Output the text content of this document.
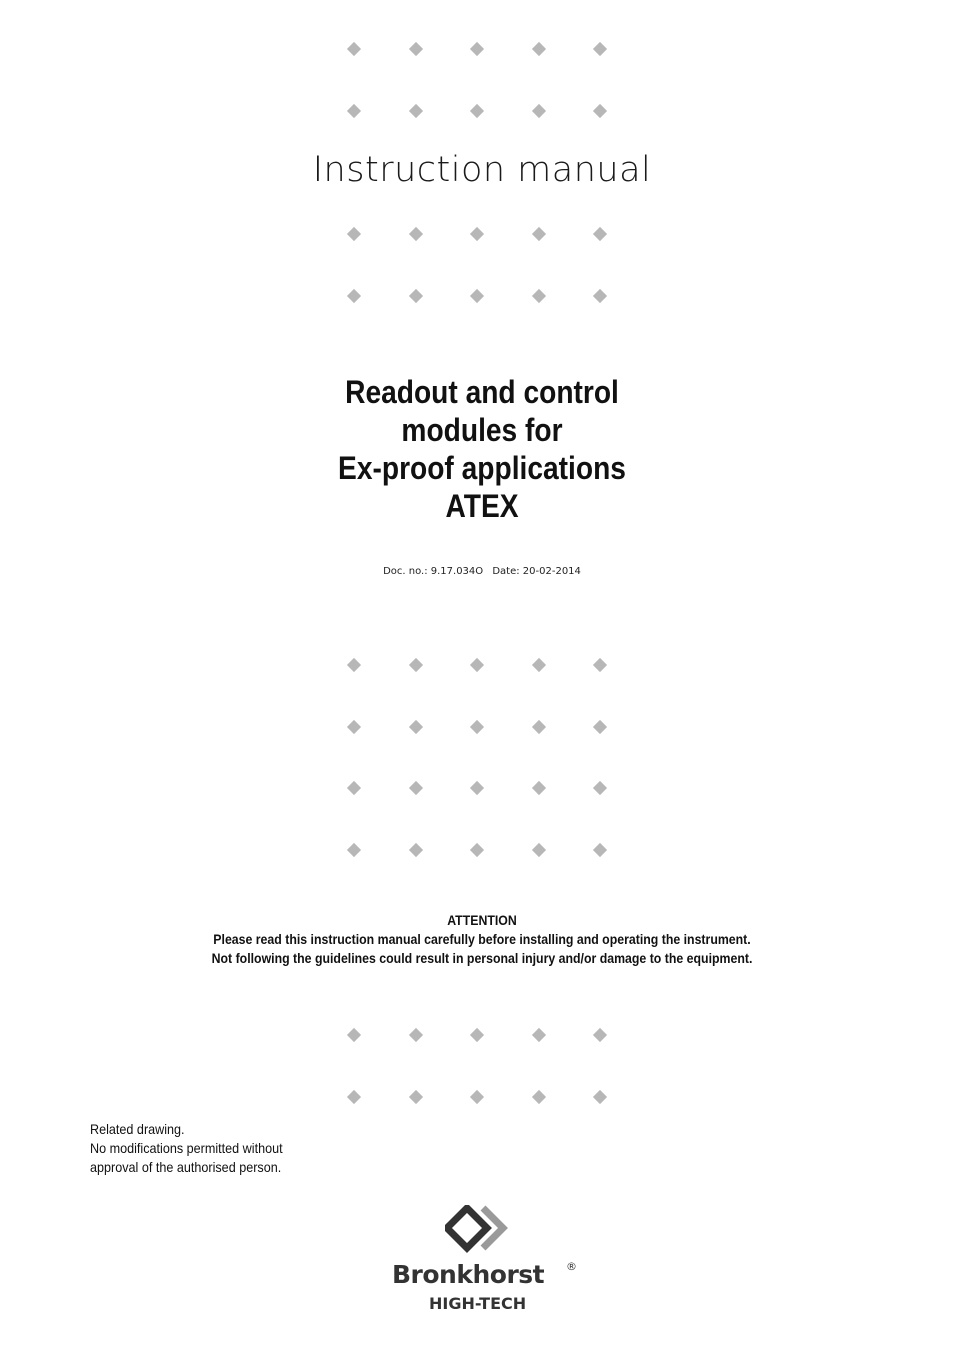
Instruction manual
Readout and control
modules for
Ex-proof applications
ATEX
Doc. no.: 9.17.034O Date: 20-02-2014
ATTENTION
Please read this instruction manual carefully before installing and operating the instrument.
Not following the guidelines could result in personal injury and/or damage to the equipment.
Related drawing.
No modifications permitted without
approval of the authorised person.
Bronkhorst ®
HIGH-TECH
